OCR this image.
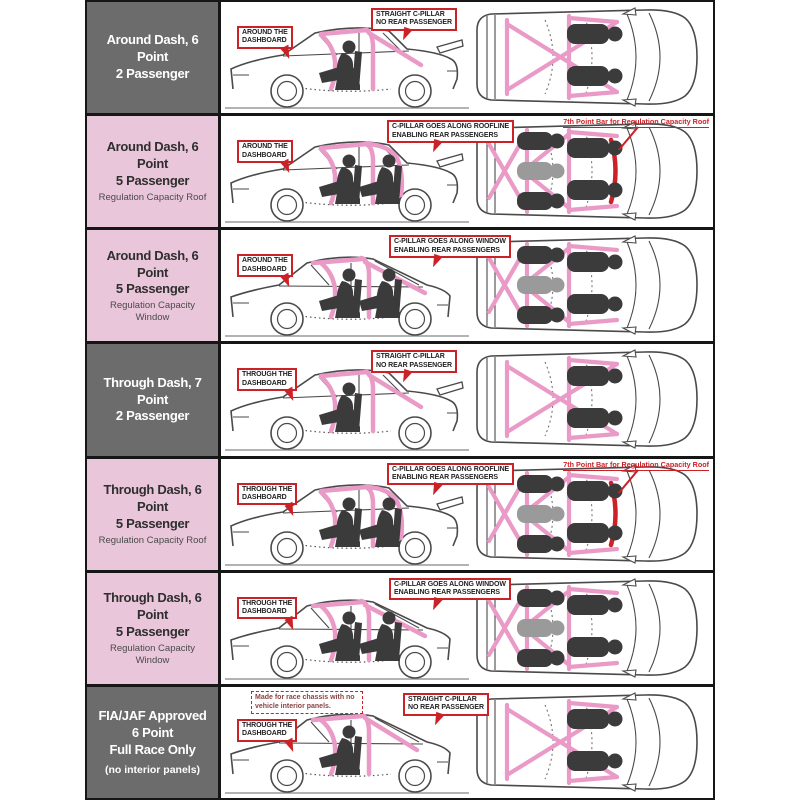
Around Dash, 6 Point
2 Passenger
AROUND THE
DASHBOARD
STRAIGHT C-PILLAR
NO REAR PASSENGER
Around Dash, 6 Point
5 Passenger
Regulation Capacity Roof
AROUND THE
DASHBOARD
C-PILLAR GOES ALONG ROOFLINE
ENABLING REAR PASSENGERS
7th Point Bar for Regulation Capacity Roof
Around Dash, 6 Point
5 Passenger
Regulation Capacity Window
AROUND THE
DASHBOARD
C-PILLAR GOES ALONG WINDOW
ENABLING REAR PASSENGERS
Through Dash, 7 Point
2 Passenger
THROUGH THE
DASHBOARD
STRAIGHT C-PILLAR
NO REAR PASSENGER
Through Dash, 6 Point
5 Passenger
Regulation Capacity Roof
THROUGH THE
DASHBOARD
C-PILLAR GOES ALONG ROOFLINE
ENABLING REAR PASSENGERS
7th Point Bar for Regulation Capacity Roof
Through Dash, 6 Point
5 Passenger
Regulation Capacity Window
THROUGH THE
DASHBOARD
C-PILLAR GOES ALONG WINDOW
ENABLING REAR PASSENGERS
FIA/JAF Approved
6 Point
Full Race Only
(no interior panels)
THROUGH THE
DASHBOARD
STRAIGHT C-PILLAR
NO REAR PASSENGER
Made for race chassis with no vehicle interior panels.
